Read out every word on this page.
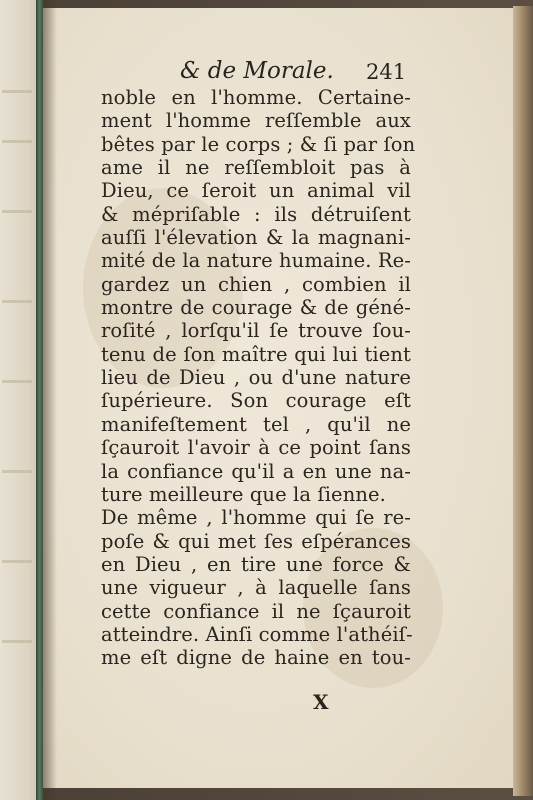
& de Morale. 241
noble en l'homme. Certaine-
ment l'homme reſſemble aux
bêtes par le corps ; & ſi par ſon
ame il ne reſſembloit pas à
Dieu, ce ſeroit un animal vil
& mépriſable : ils détruiſent
auſſi l'élevation & la magnani-
mité de la nature humaine. Re-
gardez un chien , combien il
montre de courage & de géné-
roſité , lorſqu'il ſe trouve ſou-
tenu de ſon maître qui lui tient
lieu de Dieu , ou d'une nature
ſupérieure. Son courage eſt
manifeſtement tel , qu'il ne
ſçauroit l'avoir à ce point ſans
la confiance qu'il a en une na-
ture meilleure que la ſienne.
De même , l'homme qui ſe re-
poſe & qui met ſes eſpérances
en Dieu , en tire une force &
une vigueur , à laquelle ſans
cette confiance il ne ſçauroit
atteindre. Ainſi comme l'athéiſ-
me eſt digne de haine en tou-
X
